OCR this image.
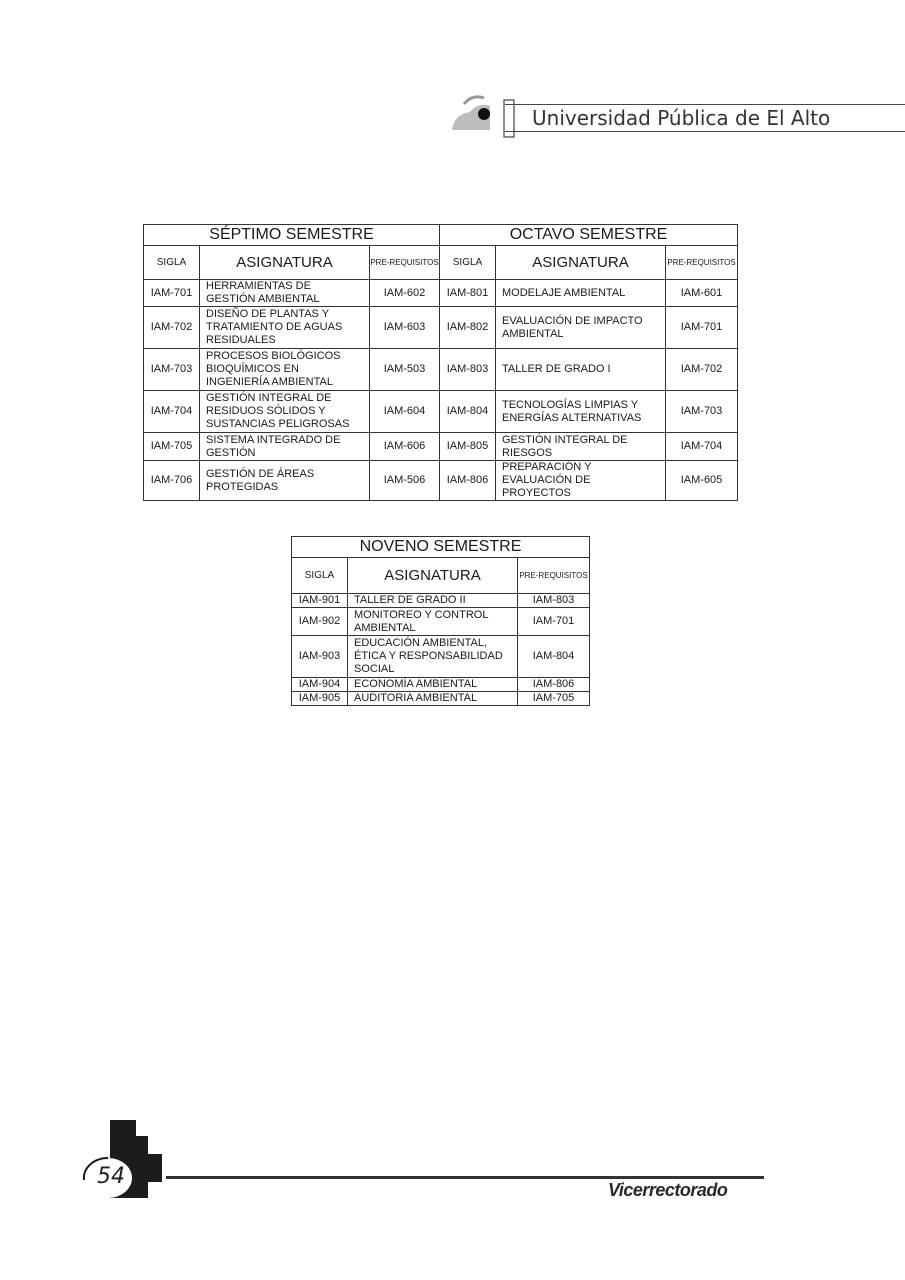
Universidad Pública de El Alto
SÉPTIMO SEMESTRE			OCTAVO SEMESTRE		
SIGLA	ASIGNATURA	PRE-REQUISITOS	SIGLA	ASIGNATURA	PRE-REQUISITOS
IAM-701	HERRAMIENTAS DE GESTIÓN AMBIENTAL	IAM-602	IAM-801	MODELAJE AMBIENTAL	IAM-601
IAM-702	DISEÑO DE PLANTAS Y TRATAMIENTO DE AGUAS RESIDUALES	IAM-603	IAM-802	EVALUACIÓN DE IMPACTO AMBIENTAL	IAM-701
IAM-703	PROCESOS BIOLÓGICOS BIOQUÍMICOS EN INGENIERÍA AMBIENTAL	IAM-503	IAM-803	TALLER DE GRADO I	IAM-702
IAM-704	GESTIÓN INTEGRAL DE RESIDUOS SÓLIDOS Y SUSTANCIAS PELIGROSAS	IAM-604	IAM-804	TECNOLOGÍAS LIMPIAS Y ENERGÍAS ALTERNATIVAS	IAM-703
IAM-705	SISTEMA INTEGRADO DE GESTIÓN	IAM-606	IAM-805	GESTIÓN INTEGRAL DE RIESGOS	IAM-704
IAM-706	GESTIÓN DE ÁREAS PROTEGIDAS	IAM-506	IAM-806	PREPARACIÓN Y EVALUACIÓN DE PROYECTOS	IAM-605
NOVENO SEMESTRE		
SIGLA	ASIGNATURA	PRE-REQUISITOS
IAM-901	TALLER DE GRADO II	IAM-803
IAM-902	MONITOREO Y CONTROL AMBIENTAL	IAM-701
IAM-903	EDUCACIÓN AMBIENTAL, ÉTICA Y RESPONSABILIDAD SOCIAL	IAM-804
IAM-904	ECONOMÍA AMBIENTAL	IAM-806
IAM-905	AUDITORIA AMBIENTAL	IAM-705
54
Vicerrectorado
